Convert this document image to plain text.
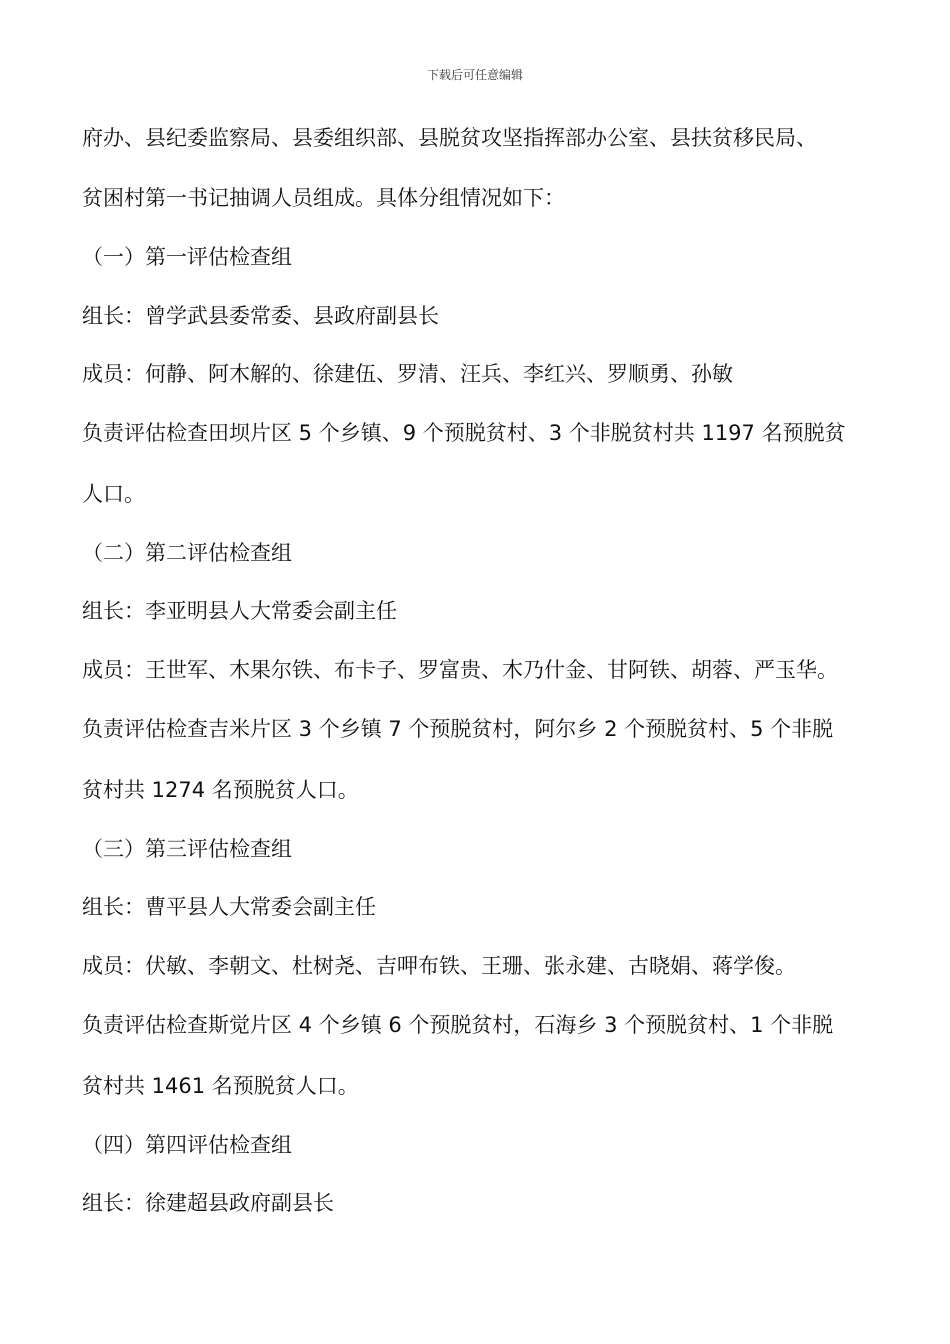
下载后可任意编辑
府办、县纪委监察局、县委组织部、县脱贫攻坚指挥部办公室、县扶贫移民局、
贫困村第一书记抽调人员组成。具体分组情况如下：
（一）第一评估检查组
组长：曾学武县委常委、县政府副县长
成员：何静、阿木解的、徐建伍、罗清、汪兵、李红兴、罗顺勇、孙敏
负责评估检查田坝片区 5 个乡镇、9 个预脱贫村、3 个非脱贫村共 1197 名预脱贫
人口。
（二）第二评估检查组
组长：李亚明县人大常委会副主任
成员：王世军、木果尔铁、布卡子、罗富贵、木乃什金、甘阿铁、胡蓉、严玉华。
负责评估检查吉米片区 3 个乡镇 7 个预脱贫村，阿尔乡 2 个预脱贫村、5 个非脱
贫村共 1274 名预脱贫人口。
（三）第三评估检查组
组长：曹平县人大常委会副主任
成员：伏敏、李朝文、杜树尧、吉呷布铁、王珊、张永建、古晓娟、蒋学俊。
负责评估检查斯觉片区 4 个乡镇 6 个预脱贫村，石海乡 3 个预脱贫村、1 个非脱
贫村共 1461 名预脱贫人口。
（四）第四评估检查组
组长：徐建超县政府副县长
